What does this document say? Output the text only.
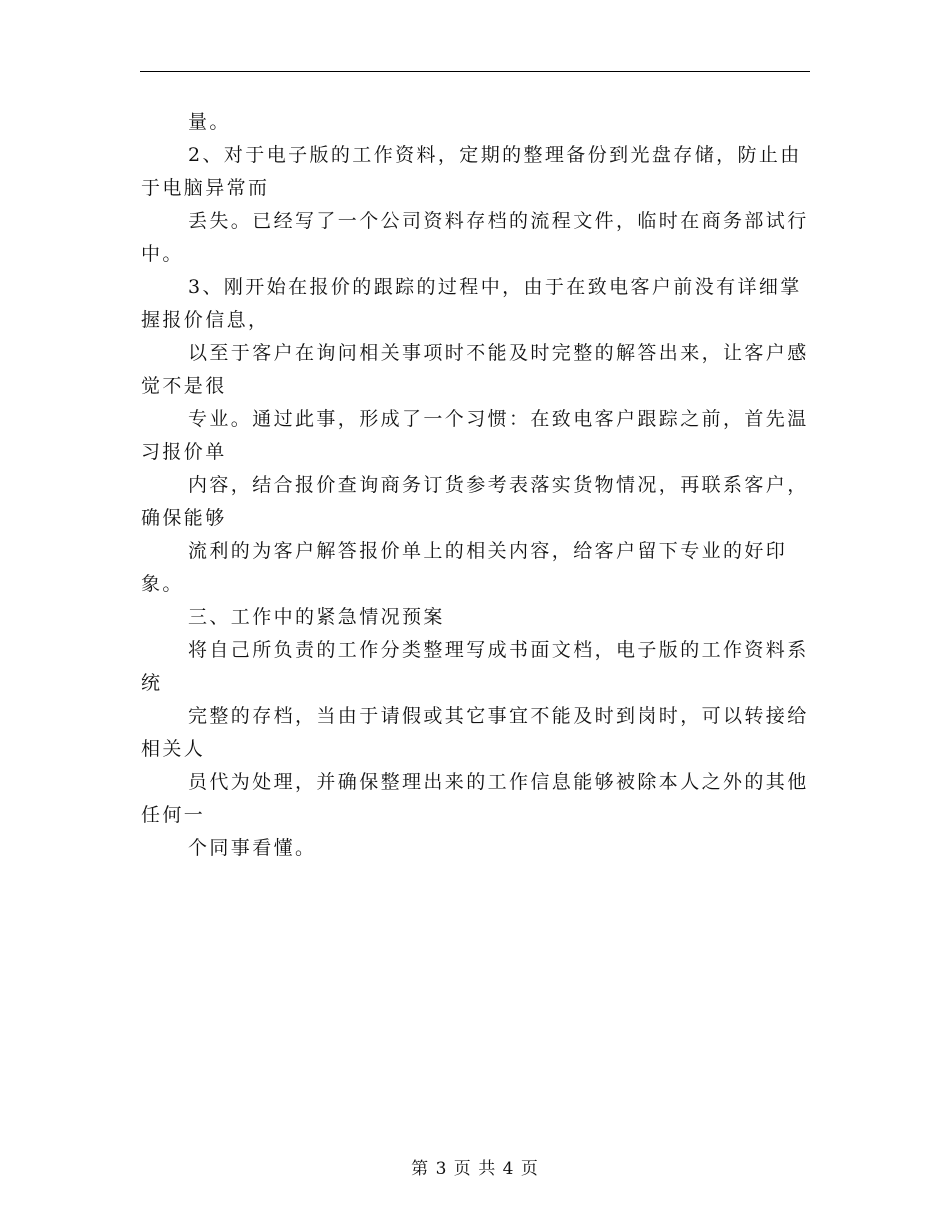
量。

2、对于电子版的工作资料，定期的整理备份到光盘存储，防止由于电脑异常而

丢失。已经写了一个公司资料存档的流程文件，临时在商务部试行中。

3、刚开始在报价的跟踪的过程中，由于在致电客户前没有详细掌握报价信息，

以至于客户在询问相关事项时不能及时完整的解答出来，让客户感觉不是很

专业。通过此事，形成了一个习惯：在致电客户跟踪之前，首先温习报价单

内容，结合报价查询商务订货参考表落实货物情况，再联系客户，确保能够

流利的为客户解答报价单上的相关内容，给客户留下专业的好印象。

三、工作中的紧急情况预案

将自己所负责的工作分类整理写成书面文档，电子版的工作资料系统

完整的存档，当由于请假或其它事宜不能及时到岗时，可以转接给相关人

员代为处理，并确保整理出来的工作信息能够被除本人之外的其他任何一

个同事看懂。

第 3 页 共 4 页
